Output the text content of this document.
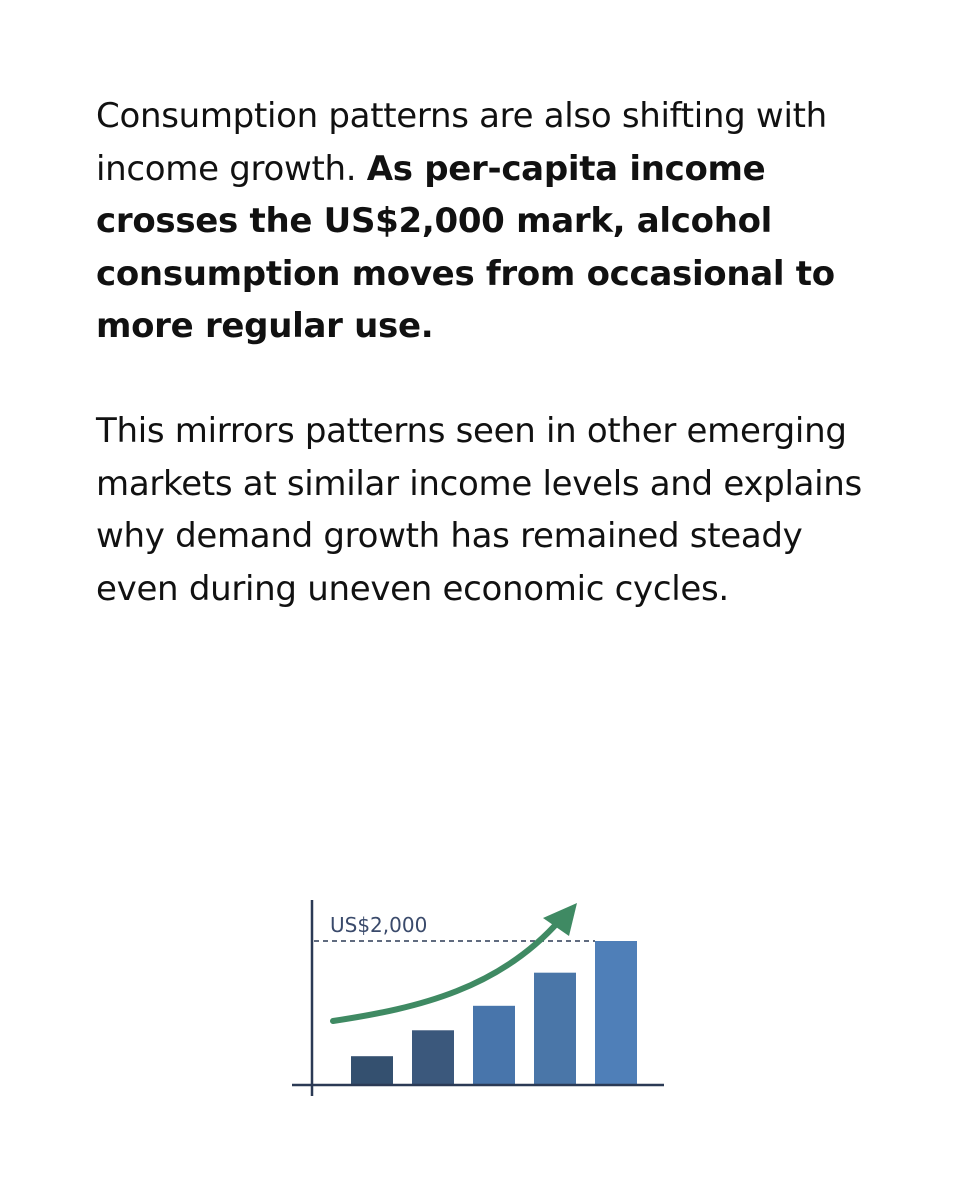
Consumption patterns are also shifting with income growth. As per-capita income crosses the US$2,000 mark, alcohol consumption moves from occasional to more regular use.

This mirrors patterns seen in other emerging markets at similar income levels and explains why demand growth has remained steady even during uneven economic cycles.

US$2,000
